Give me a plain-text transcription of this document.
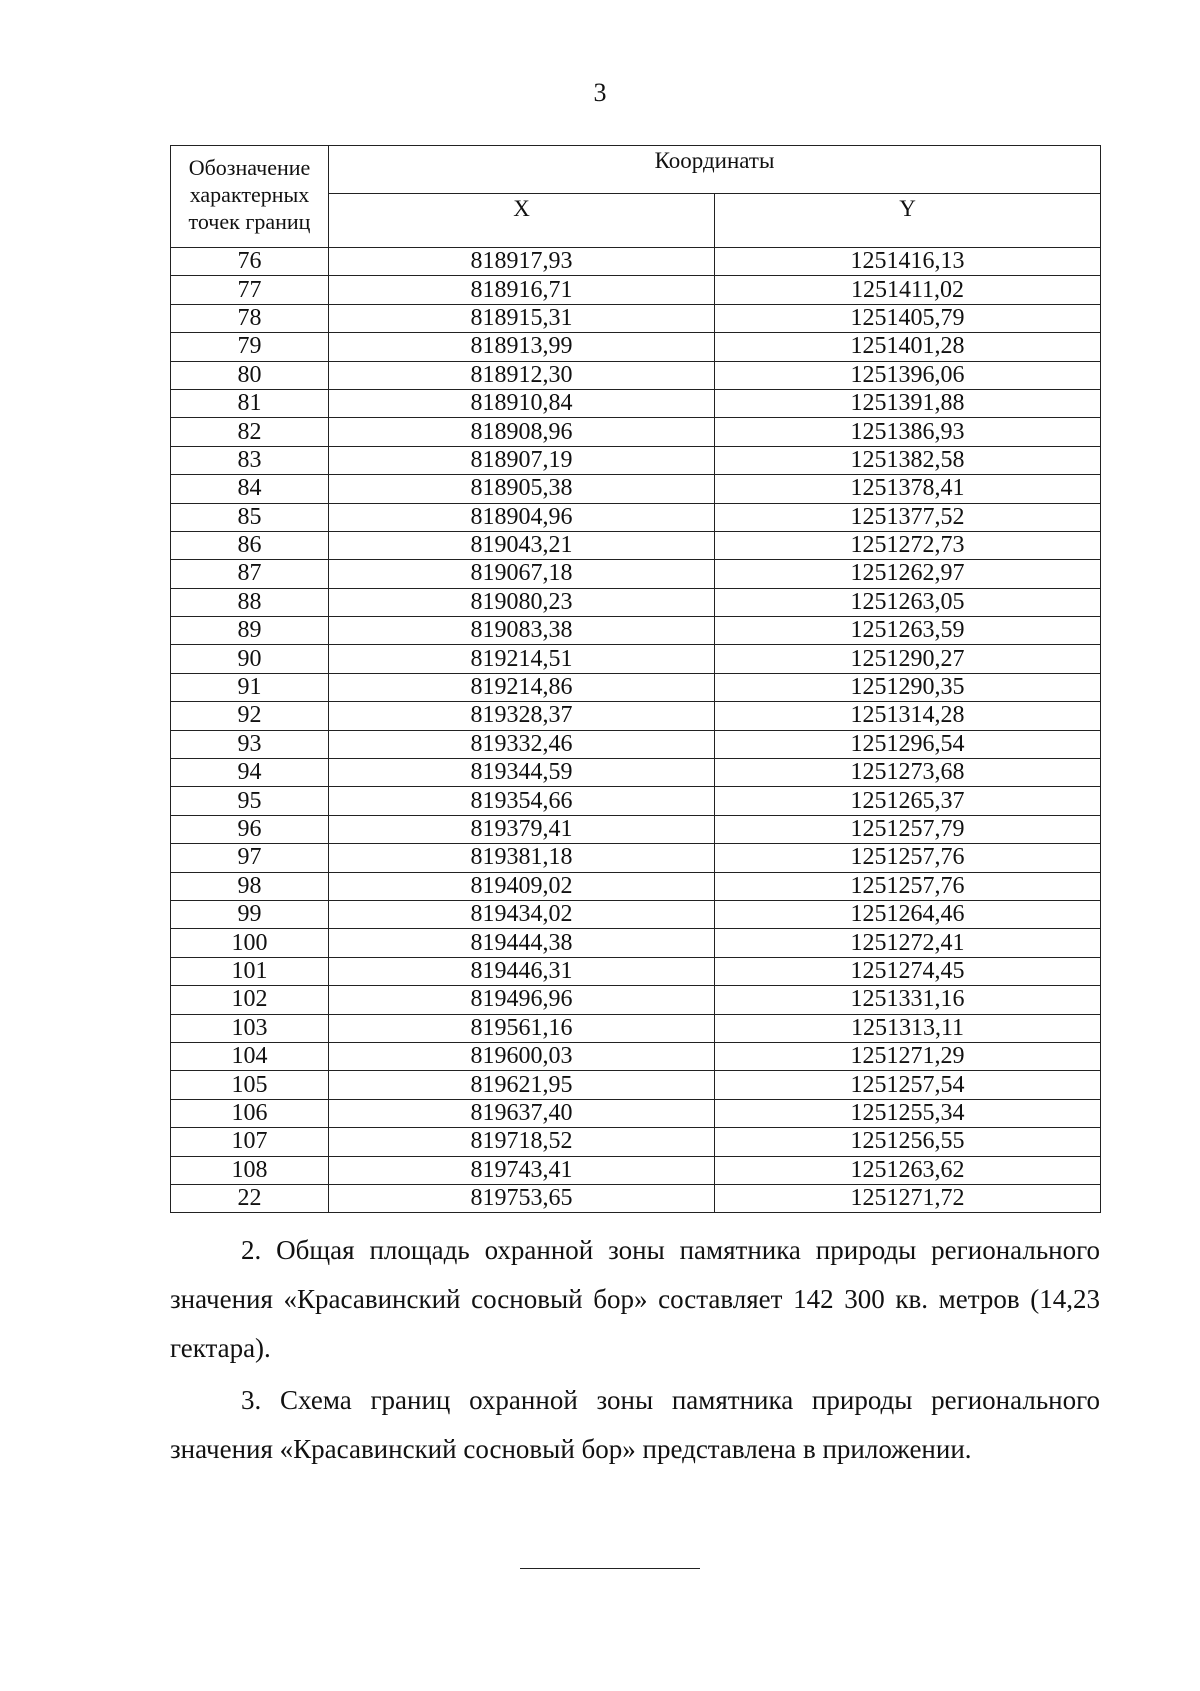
3
Обозначение характерных точек границ	Координаты	
	X	Y
76	818917,93	1251416,13
77	818916,71	1251411,02
78	818915,31	1251405,79
79	818913,99	1251401,28
80	818912,30	1251396,06
81	818910,84	1251391,88
82	818908,96	1251386,93
83	818907,19	1251382,58
84	818905,38	1251378,41
85	818904,96	1251377,52
86	819043,21	1251272,73
87	819067,18	1251262,97
88	819080,23	1251263,05
89	819083,38	1251263,59
90	819214,51	1251290,27
91	819214,86	1251290,35
92	819328,37	1251314,28
93	819332,46	1251296,54
94	819344,59	1251273,68
95	819354,66	1251265,37
96	819379,41	1251257,79
97	819381,18	1251257,76
98	819409,02	1251257,76
99	819434,02	1251264,46
100	819444,38	1251272,41
101	819446,31	1251274,45
102	819496,96	1251331,16
103	819561,16	1251313,11
104	819600,03	1251271,29
105	819621,95	1251257,54
106	819637,40	1251255,34
107	819718,52	1251256,55
108	819743,41	1251263,62
22	819753,65	1251271,72

2. Общая площадь охранной зоны памятника природы регионального значения «Красавинский сосновый бор» составляет 142 300 кв. метров (14,23 гектара).

3. Схема границ охранной зоны памятника природы регионального значения «Красавинский сосновый бор» представлена в приложении.
